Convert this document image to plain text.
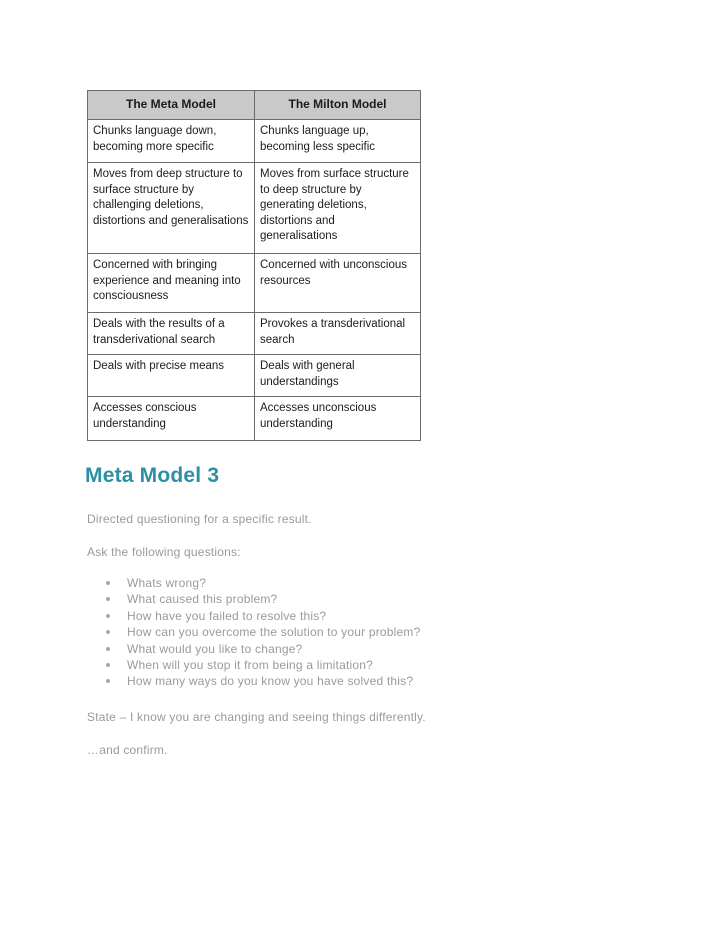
The Meta Model	The Milton Model
Chunks language down, becoming more specific	Chunks language up, becoming less specific
Moves from deep structure to surface structure by challenging deletions, distortions and generalisations	Moves from surface structure to deep structure by generating deletions, distortions and generalisations
Concerned with bringing experience and meaning into consciousness	Concerned with unconscious resources
Deals with the results of a transderivational search	Provokes a transderivational search
Deals with precise means	Deals with general understandings
Accesses conscious understanding	Accesses unconscious understanding
Meta Model 3

Directed questioning for a specific result.

Ask the following questions:

Whats wrong?
What caused this problem?
How have you failed to resolve this?
How can you overcome the solution to your problem?
What would you like to change?
When will you stop it from being a limitation?
How many ways do you know you have solved this?

State – I know you are changing and seeing things differently.

…and confirm.
